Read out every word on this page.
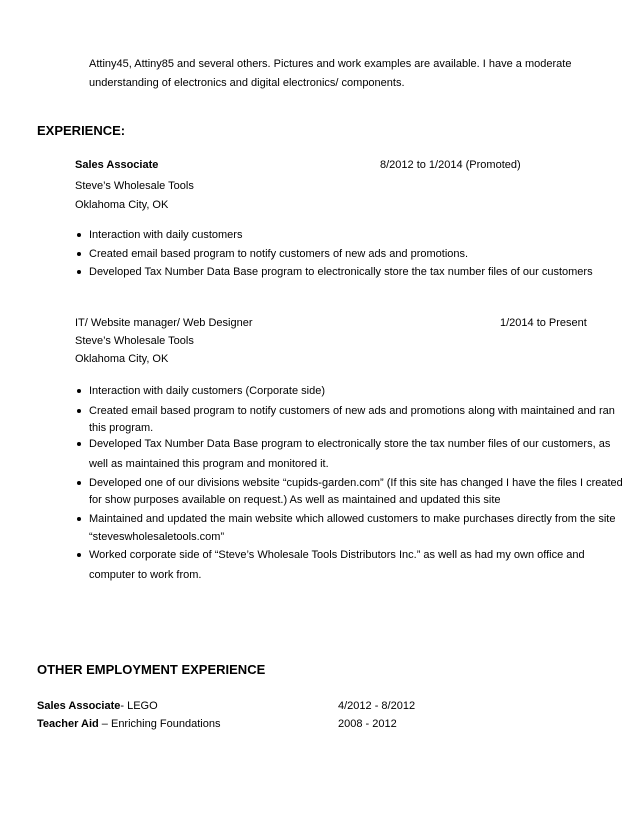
Attiny45, Attiny85 and several others. Pictures and work examples are available. I have a moderate
understanding of electronics and digital electronics/ components.
EXPERIENCE:
Sales Associate	8/2012 to 1/2014 (Promoted)
Steve’s Wholesale Tools
Oklahoma City, OK
Interaction with daily customers
Created email based program to notify customers of new ads and promotions.
Developed Tax Number Data Base program to electronically store the tax number files of our customers
IT/ Website manager/ Web Designer	1/2014 to Present
Steve’s Wholesale Tools
Oklahoma City, OK
Interaction with daily customers (Corporate side)
Created email based program to notify customers of new ads and promotions along with maintained and ran
this program.
Developed Tax Number Data Base program to electronically store the tax number files of our customers, as
well as maintained this program and monitored it.
Developed one of our divisions website “cupids-garden.com” (If this site has changed I have the files I created
for show purposes available on request.) As well as maintained and updated this site
Maintained and updated the main website which allowed customers to make purchases directly from the site
“steveswholesaletools.com”
Worked corporate side of “Steve’s Wholesale Tools Distributors Inc.” as well as had my own office and
computer to work from.
OTHER EMPLOYMENT EXPERIENCE
Sales Associate- LEGO	4/2012 - 8/2012
Teacher Aid – Enriching Foundations	2008 - 2012
